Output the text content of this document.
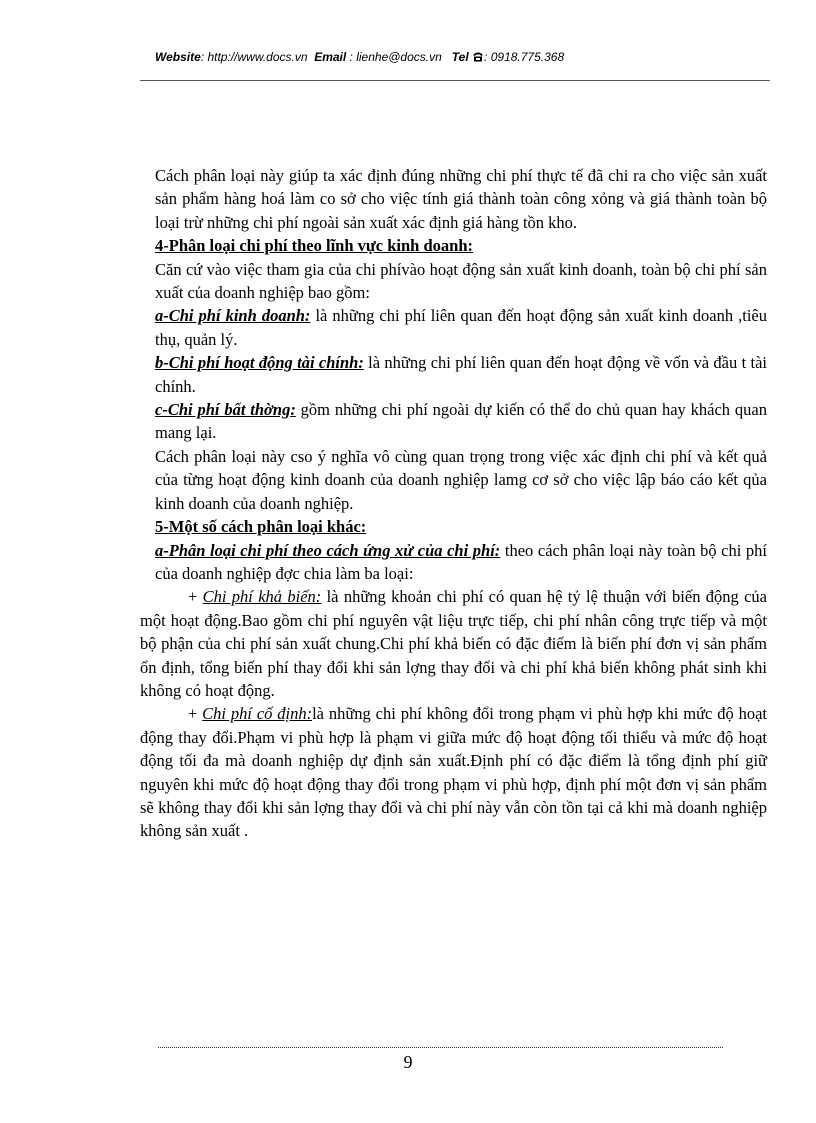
Website: http://www.docs.vn Email : lienhe@docs.vn Tel : 0918.775.368

Cách phân loại này giúp ta xác định đúng những chi phí thực tế đã chi ra cho việc sản xuất sản phẩm hàng hoá làm co sở cho việc tính giá thành toàn công xỏng và giá thành toàn bộ loại trừ những chi phí ngoài sản xuất xác định giá hàng tồn kho.

4-Phân loại chi phí theo lĩnh vực kinh doanh:

Căn cứ vào việc tham gia của chi phívào hoạt động sản xuất kinh doanh, toàn bộ chi phí sản xuất của doanh nghiệp bao gồm:

a-Chi phí kinh doanh: là những chi phí liên quan đến hoạt động sản xuất kinh doanh ,tiêu thụ, quản lý.

b-Chi phí hoạt động tài chính: là những chi phí liên quan đến hoạt động về vốn và đầu t tài chính.

c-Chi phí bất thờng: gồm những chi phí ngoài dự kiến có thể do chủ quan hay khách quan mang lại.

Cách phân loại này cso ý nghĩa vô cùng quan trọng trong việc xác định chi phí và kết quả của từng hoạt động kinh doanh của doanh nghiệp lamg cơ sở cho việc lập báo cáo kết qủa kinh doanh của doanh nghiệp.

5-Một số cách phân loại khác:

a-Phân loại chi phí theo cách ứng xử của chi phí: theo cách phân loại này toàn bộ chi phí của doanh nghiệp đợc chia làm ba loại:

+ Chi phí khả biến: là những khoản chi phí có quan hệ tỷ lệ thuận với biến động của một hoạt động.Bao gồm chi phí nguyên vật liệu trực tiếp, chi phí nhân công trực tiếp và một bộ phận của chi phí sản xuất chung.Chi phí khả biến có đặc điểm là biến phí đơn vị sản phẩm ổn định, tổng biến phí thay đổi khi sản lợng thay đổi và chi phí khả biến không phát sinh khi không có hoạt động.

+ Chi phí cố định:là những chi phí không đổi trong phạm vi phù hợp khi mức độ hoạt động thay đổi.Phạm vi phù hợp là phạm vi giữa mức độ hoạt động tối thiểu và mức độ hoạt động tối đa mà doanh nghiệp dự định sản xuất.Định phí có đặc điểm là tổng định phí giữ nguyên khi mức độ hoạt động thay đổi trong phạm vi phù hợp, định phí một đơn vị sản phẩm sẽ không thay đổi khi sản lợng thay đổi và chi phí này vẫn còn tồn tại cả khi mà doanh nghiệp không sản xuất .

9
